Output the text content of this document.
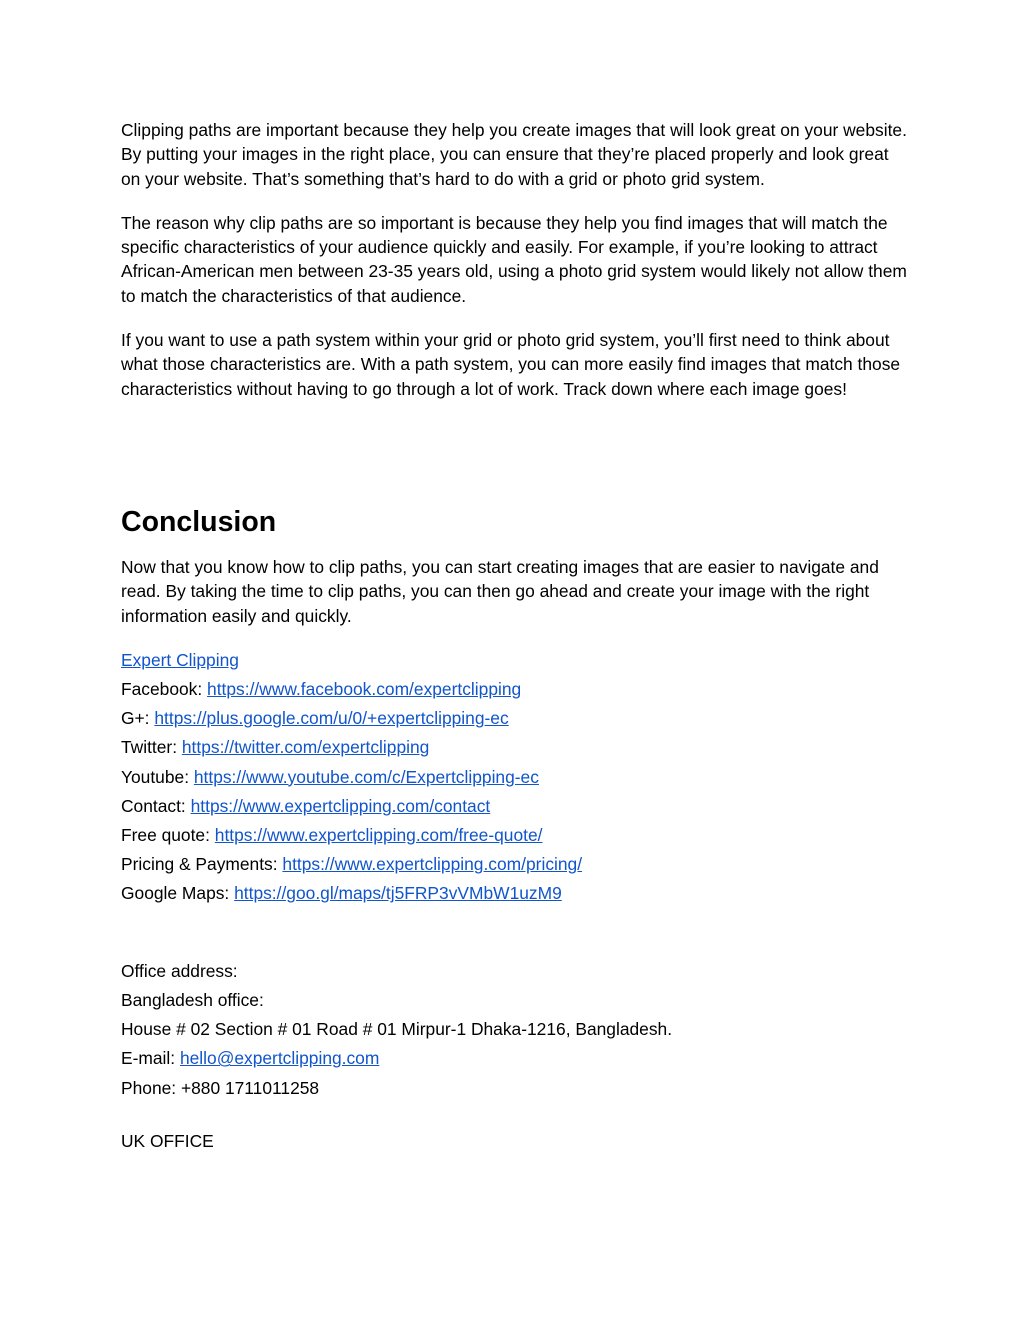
Clipping paths are important because they help you create images that will look great on your website. By putting your images in the right place, you can ensure that they’re placed properly and look great on your website. That’s something that’s hard to do with a grid or photo grid system.

The reason why clip paths are so important is because they help you find images that will match the specific characteristics of your audience quickly and easily. For example, if you’re looking to attract African-American men between 23-35 years old, using a photo grid system would likely not allow them to match the characteristics of that audience.

If you want to use a path system within your grid or photo grid system, you’ll first need to think about what those characteristics are. With a path system, you can more easily find images that match those characteristics without having to go through a lot of work. Track down where each image goes!

Conclusion

Now that you know how to clip paths, you can start creating images that are easier to navigate and read. By taking the time to clip paths, you can then go ahead and create your image with the right information easily and quickly.

Expert Clipping
Facebook: https://www.facebook.com/expertclipping
G+: https://plus.google.com/u/0/+expertclipping-ec
Twitter: https://twitter.com/expertclipping
Youtube: https://www.youtube.com/c/Expertclipping-ec
Contact: https://www.expertclipping.com/contact
Free quote: https://www.expertclipping.com/free-quote/
Pricing & Payments: https://www.expertclipping.com/pricing/
Google Maps: https://goo.gl/maps/tj5FRP3vVMbW1uzM9
Office address:
Bangladesh office:
House # 02 Section # 01 Road # 01 Mirpur-1 Dhaka-1216, Bangladesh.
E-mail: hello@expertclipping.com
Phone: +880 1711011258
UK OFFICE
